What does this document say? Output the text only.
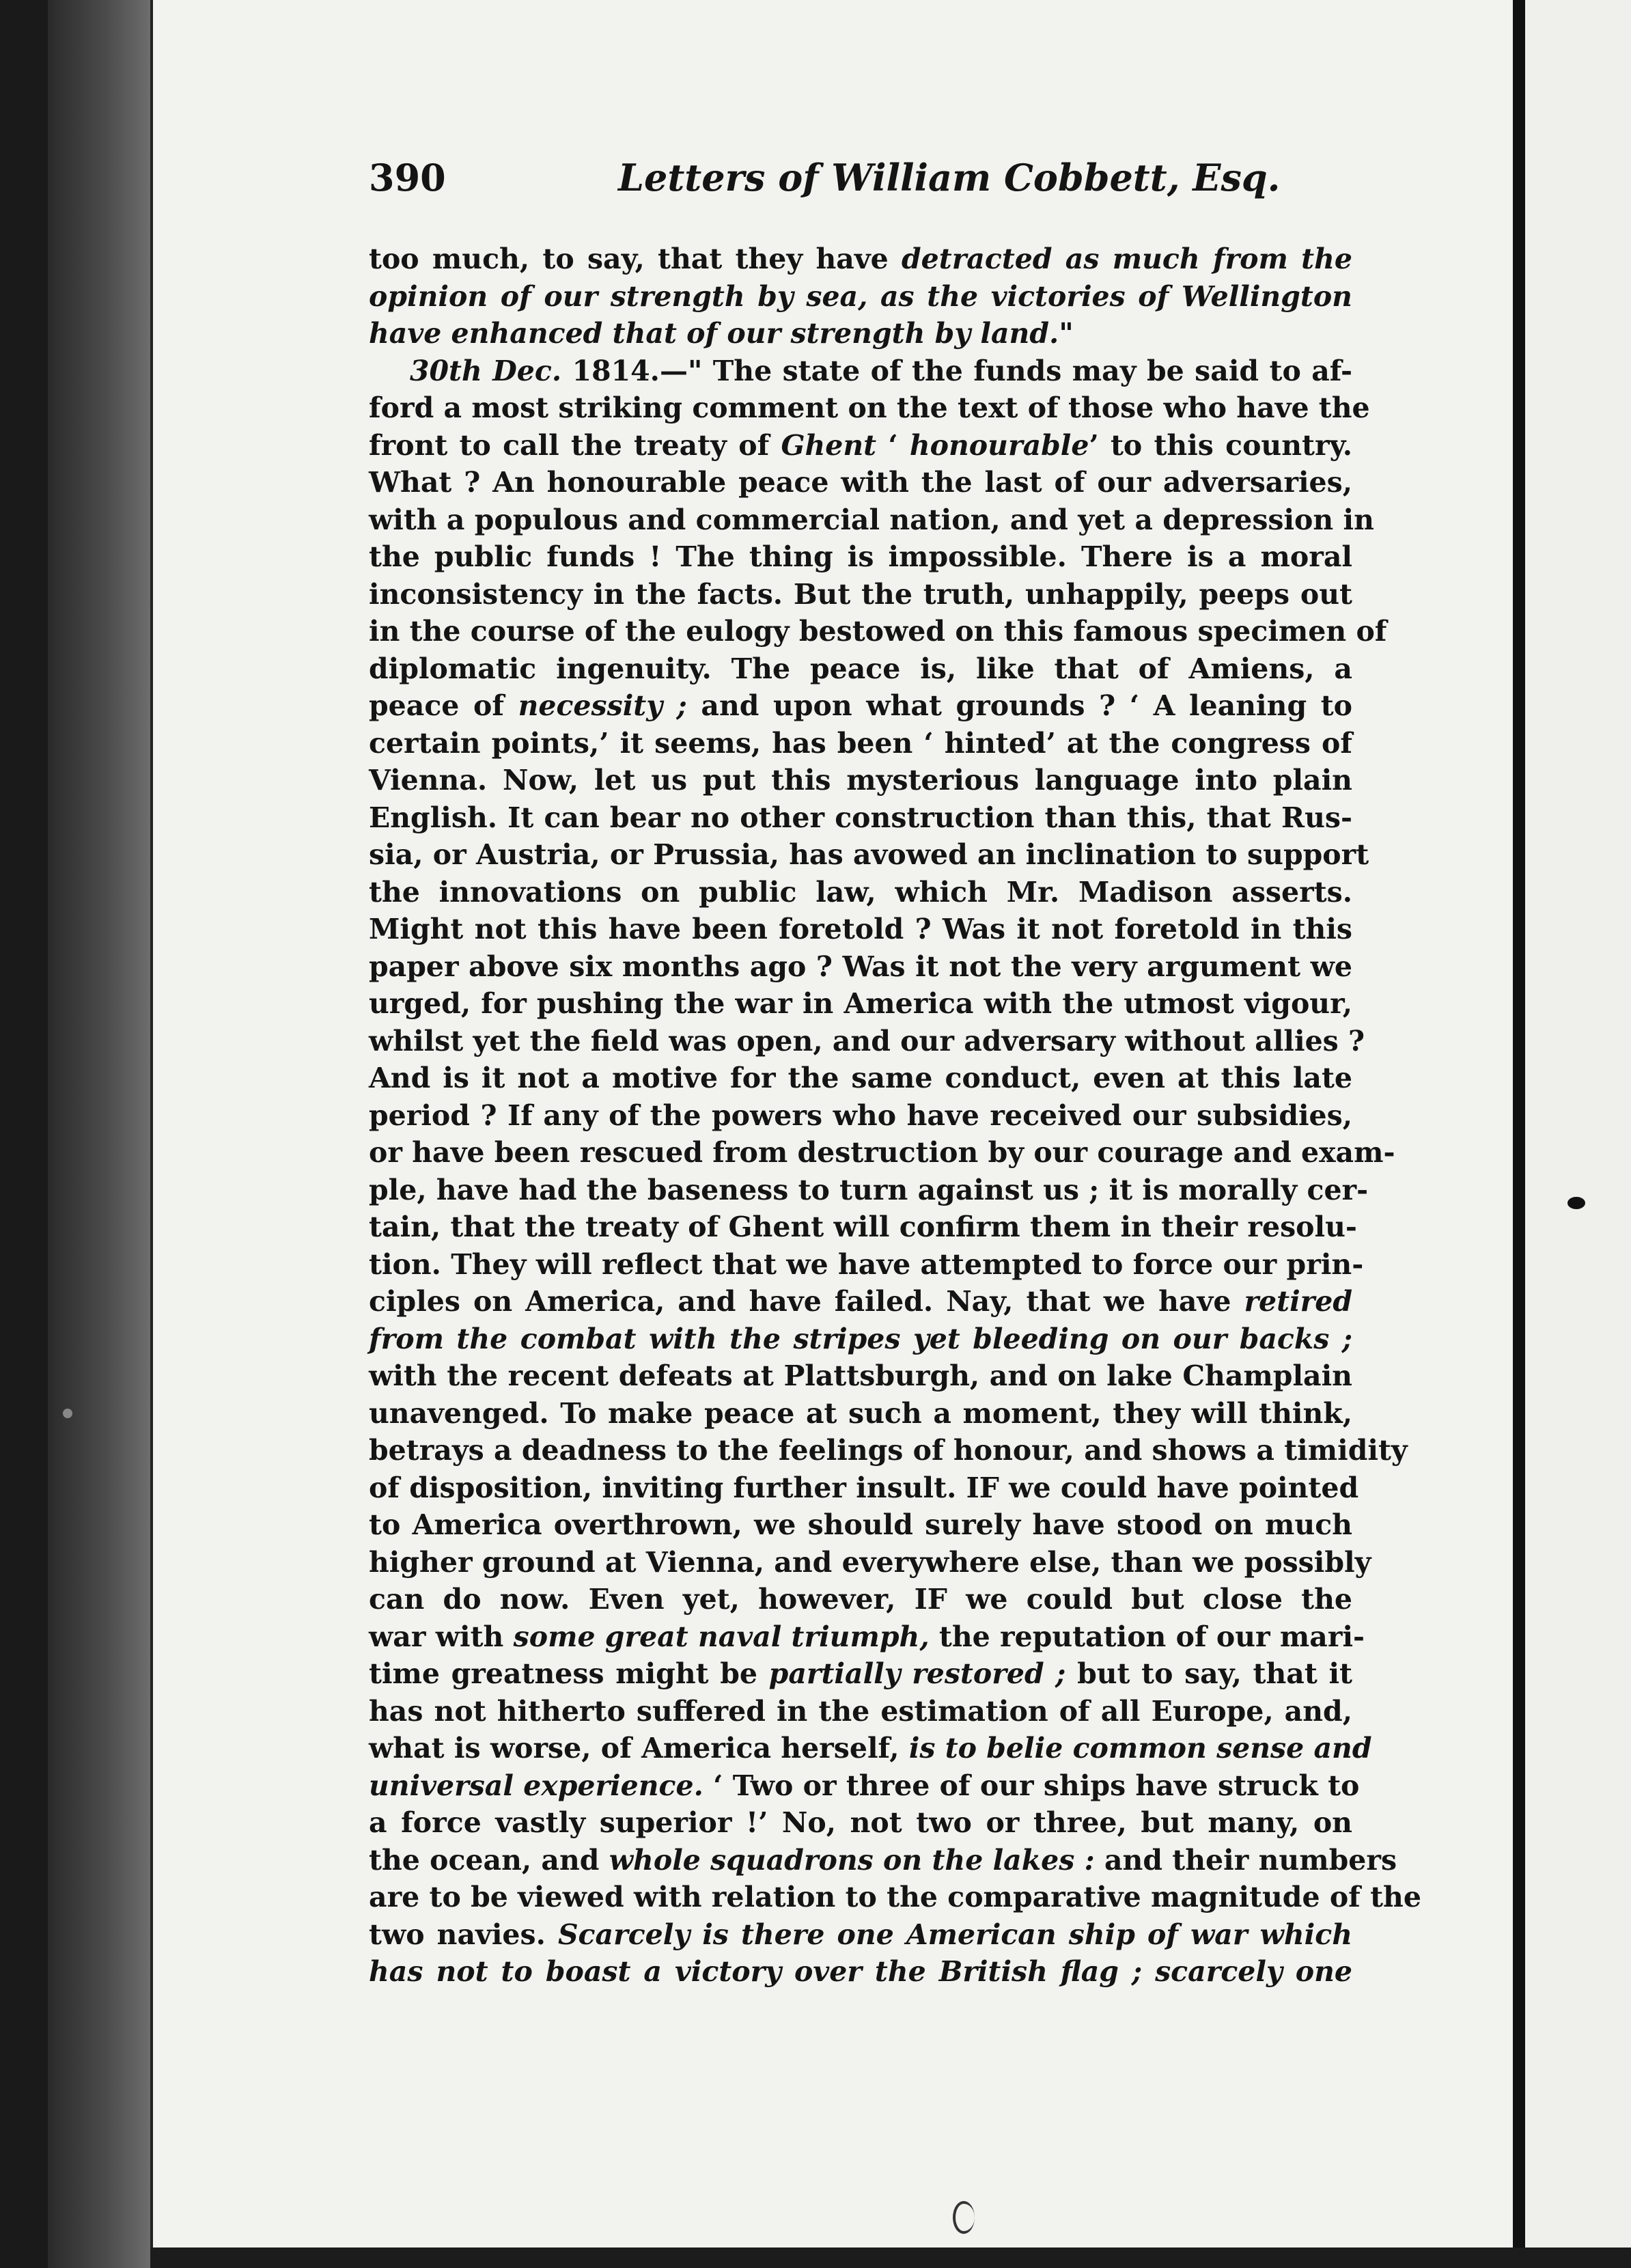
390	Letters of William Cobbett, Esq.
too much, to say, that they have detracted as much from the
opinion of our strength by sea, as the victories of Wellington
have enhanced that of our strength by land."
30th Dec. 1814.—" The state of the funds may be said to af-
ford a most striking comment on the text of those who have the
front to call the treaty of Ghent ‘ honourable’ to this country.
What ? An honourable peace with the last of our adversaries,
with a populous and commercial nation, and yet a depression in
the public funds ! The thing is impossible. There is a moral
inconsistency in the facts. But the truth, unhappily, peeps out
in the course of the eulogy bestowed on this famous specimen of
diplomatic ingenuity. The peace is, like that of Amiens, a
peace of necessity ; and upon what grounds ? ‘ A leaning to
certain points,’ it seems, has been ‘ hinted’ at the congress of
Vienna. Now, let us put this mysterious language into plain
English. It can bear no other construction than this, that Rus-
sia, or Austria, or Prussia, has avowed an inclination to support
the innovations on public law, which Mr. Madison asserts.
Might not this have been foretold ? Was it not foretold in this
paper above six months ago ? Was it not the very argument we
urged, for pushing the war in America with the utmost vigour,
whilst yet the field was open, and our adversary without allies ?
And is it not a motive for the same conduct, even at this late
period ? If any of the powers who have received our subsidies,
or have been rescued from destruction by our courage and exam-
ple, have had the baseness to turn against us ; it is morally cer-
tain, that the treaty of Ghent will confirm them in their resolu-
tion. They will reflect that we have attempted to force our prin-
ciples on America, and have failed. Nay, that we have retired
from the combat with the stripes yet bleeding on our backs ;
with the recent defeats at Plattsburgh, and on lake Champlain
unavenged. To make peace at such a moment, they will think,
betrays a deadness to the feelings of honour, and shows a timidity
of disposition, inviting further insult. IF we could have pointed
to America overthrown, we should surely have stood on much
higher ground at Vienna, and everywhere else, than we possibly
can do now. Even yet, however, IF we could but close the
war with some great naval triumph, the reputation of our mari-
time greatness might be partially restored ; but to say, that it
has not hitherto suffered in the estimation of all Europe, and,
what is worse, of America herself, is to belie common sense and
universal experience. ‘ Two or three of our ships have struck to
a force vastly superior !’ No, not two or three, but many, on
the ocean, and whole squadrons on the lakes : and their numbers
are to be viewed with relation to the comparative magnitude of the
two navies. Scarcely is there one American ship of war which
has not to boast a victory over the British flag ; scarcely one
